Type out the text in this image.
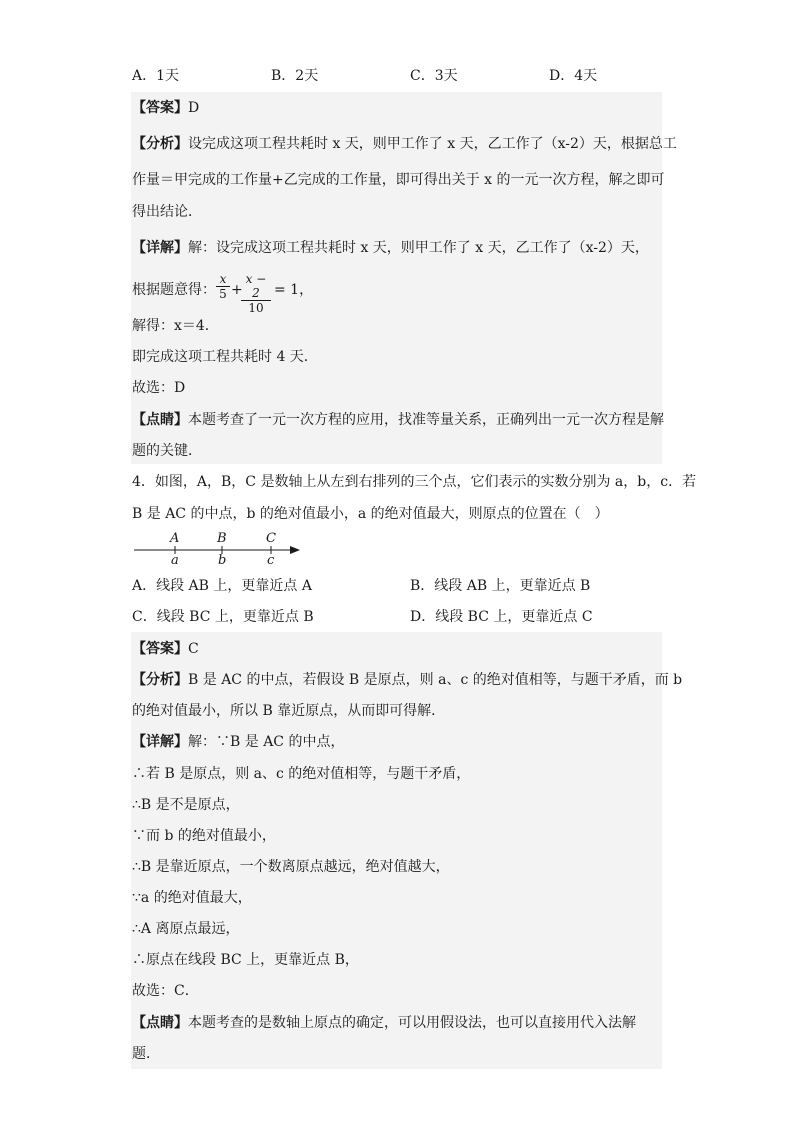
A．1天	B．2天	C．3天	D．4天
【答案】D
【分析】设完成这项工程共耗时 x 天，则甲工作了 x 天，乙工作了（x-2）天，根据总工
作量＝甲完成的工作量+乙完成的工作量，即可得出关于 x 的一元一次方程，解之即可
得出结论．
【详解】解：设完成这项工程共耗时 x 天，则甲工作了 x 天，乙工作了（x-2）天，
根据题意得： $\frac{x}{5}$ +
$\frac{x - 2}{10} = 1$，
解得：x＝4．
即完成这项工程共耗时 4 天．
故选：D
【点睛】本题考查了一元一次方程的应用，找准等量关系，正确列出一元一次方程是解
题的关键．
4．如图，A，B，C 是数轴上从左到右排列的三个点，它们表示的实数分别为 a，b，c．若
B 是 AC 的中点，b 的绝对值最小，a 的绝对值最大，则原点的位置在（　）
A	B	C
a	b	c
A．线段 AB 上，更靠近点 A	B．线段 AB 上，更靠近点 B
C．线段 BC 上，更靠近点 B	D．线段 BC 上，更靠近点 C
【答案】C
【分析】B 是 AC 的中点，若假设 B 是原点，则 a、c 的绝对值相等，与题干矛盾，而 b
的绝对值最小，所以 B 靠近原点，从而即可得解．
【详解】解：∵B 是 AC 的中点，
∴若 B 是原点，则 a、c 的绝对值相等，与题干矛盾，
∴B 是不是原点，
∵而 b 的绝对值最小，
∴B 是靠近原点，一个数离原点越远，绝对值越大，
∵a 的绝对值最大，
∴A 离原点最远，
∴原点在线段 BC 上，更靠近点 B，
故选：C．
【点睛】本题考查的是数轴上原点的确定，可以用假设法，也可以直接用代入法解
题．
